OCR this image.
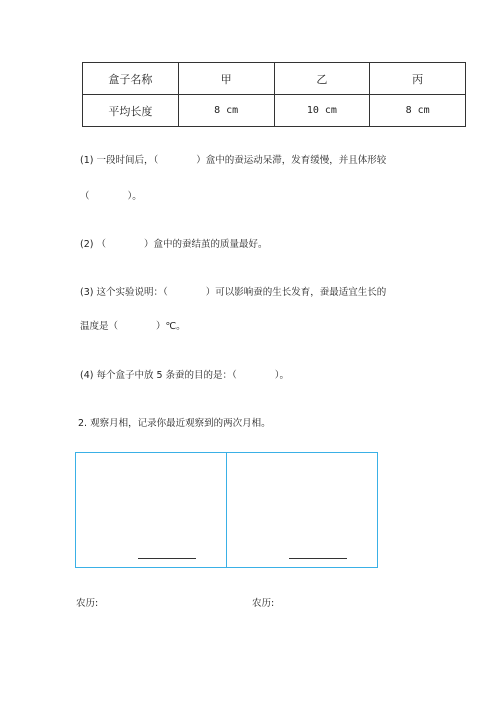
盒子名称	甲	乙	丙
平均长度	8 cm	10 cm	8 cm
(1) 一段时间后，（　　　　）盒中的蚕运动呆滞，发育缓慢，并且体形较
（　　　　）。
(2) （　　　　）盒中的蚕结茧的质量最好。
(3) 这个实验说明：（　　　　）可以影响蚕的生长发育，蚕最适宜生长的
温度是（　　　　）℃。
(4) 每个盒子中放 5 条蚕的目的是：（　　　　）。
2. 观察月相，记录你最近观察到的两次月相。
农历:	农历:
